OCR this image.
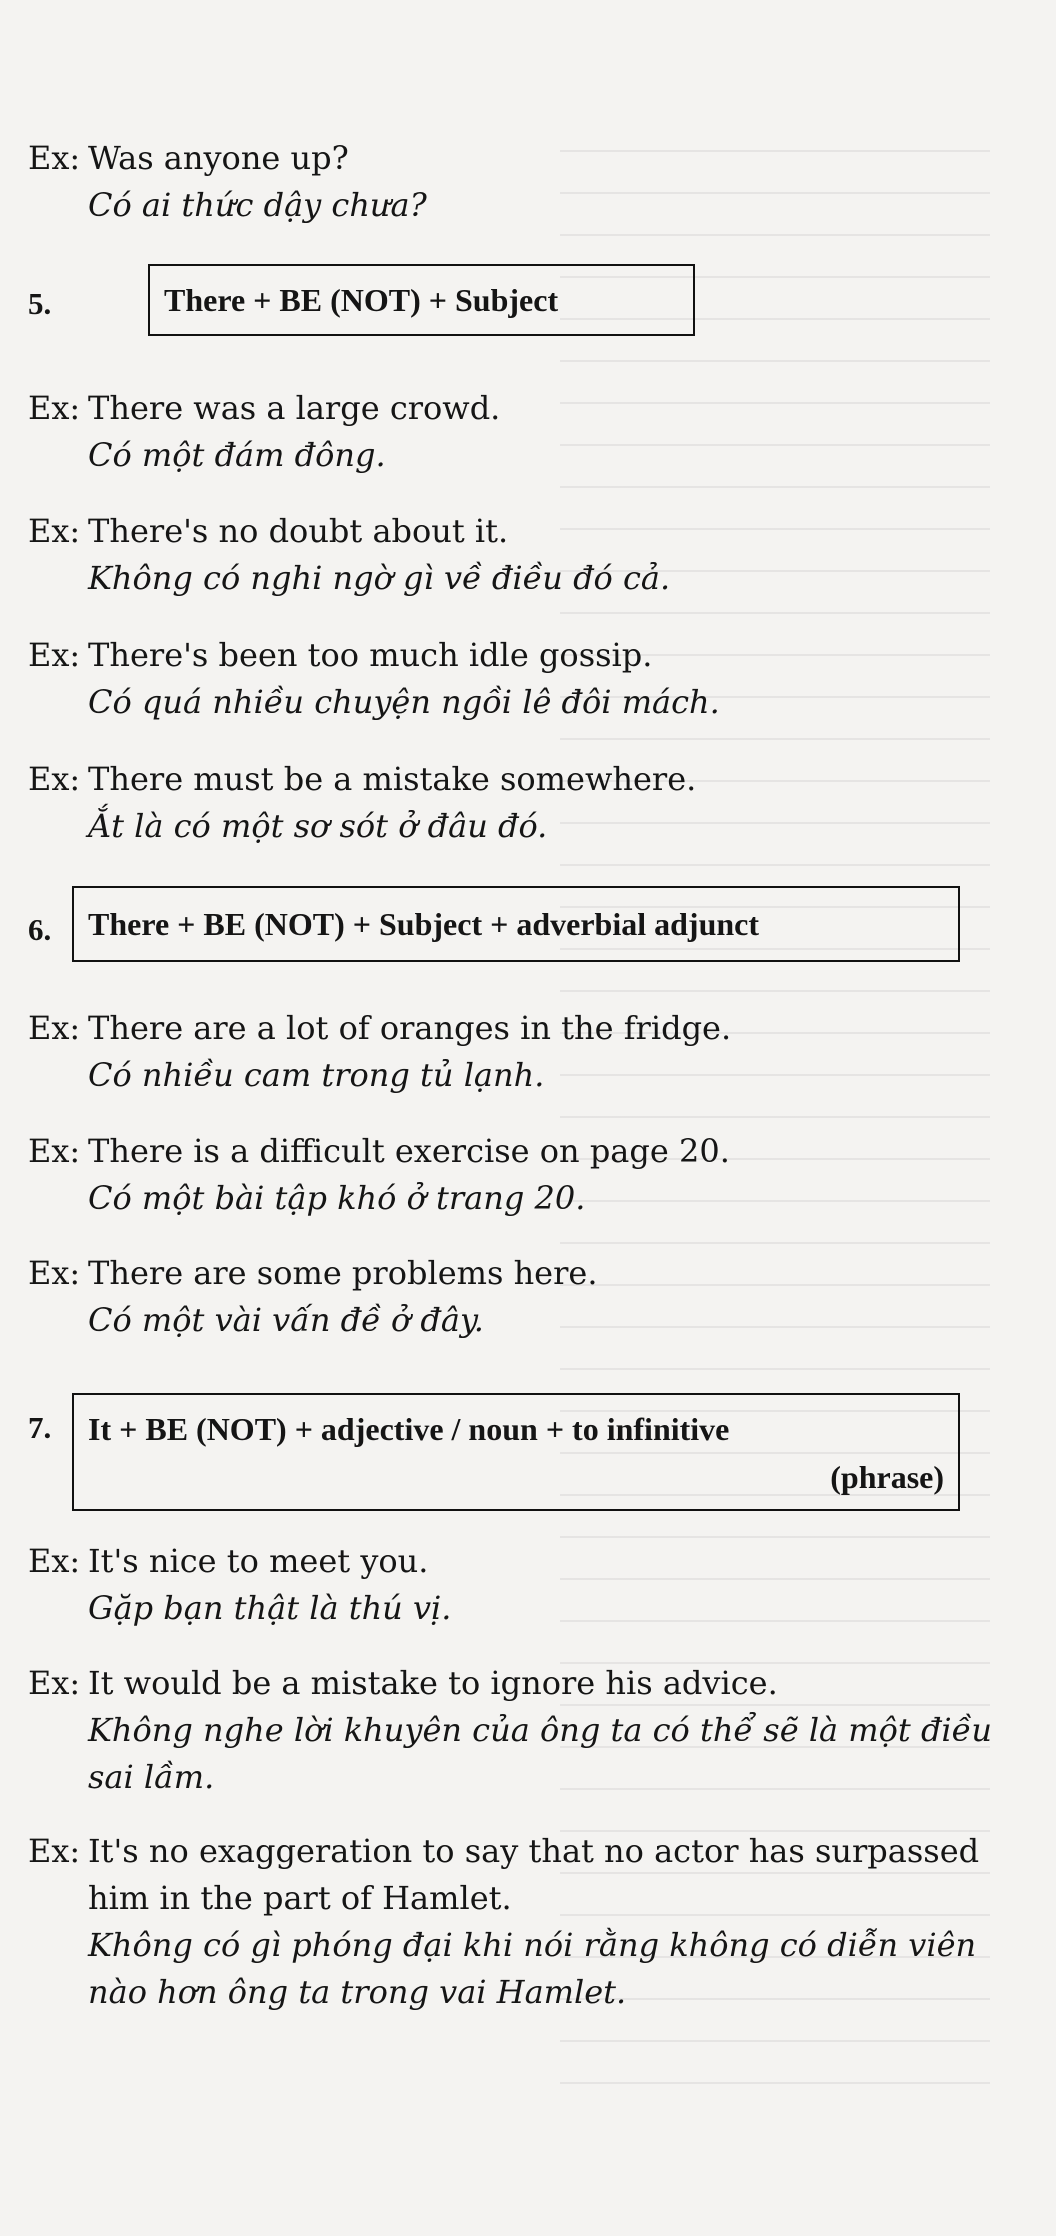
Ex: Was anyone up?
Có ai thức dậy chưa?
5.	There + BE (NOT) + Subject
Ex: There was a large crowd.
Có một đám đông.
Ex: There's no doubt about it.
Không có nghi ngờ gì về điều đó cả.
Ex: There's been too much idle gossip.
Có quá nhiều chuyện ngồi lê đôi mách.
Ex: There must be a mistake somewhere.
Ắt là có một sơ sót ở đâu đó.
6.	There + BE (NOT) + Subject + adverbial adjunct
Ex: There are a lot of oranges in the fridge.
Có nhiều cam trong tủ lạnh.
Ex: There is a difficult exercise on page 20.
Có một bài tập khó ở trang 20.
Ex: There are some problems here.
Có một vài vấn đề ở đây.
7. It + BE (NOT) + adjective / noun + to infinitive
(phrase)
Ex: It's nice to meet you.
Gặp bạn thật là thú vị.
Ex: It would be a mistake to ignore his advice.
Không nghe lời khuyên của ông ta có thể sẽ là một điều
sai lầm.
Ex: It's no exaggeration to say that no actor has surpassed
him in the part of Hamlet.
Không có gì phóng đại khi nói rằng không có diễn viên
nào hơn ông ta trong vai Hamlet.
